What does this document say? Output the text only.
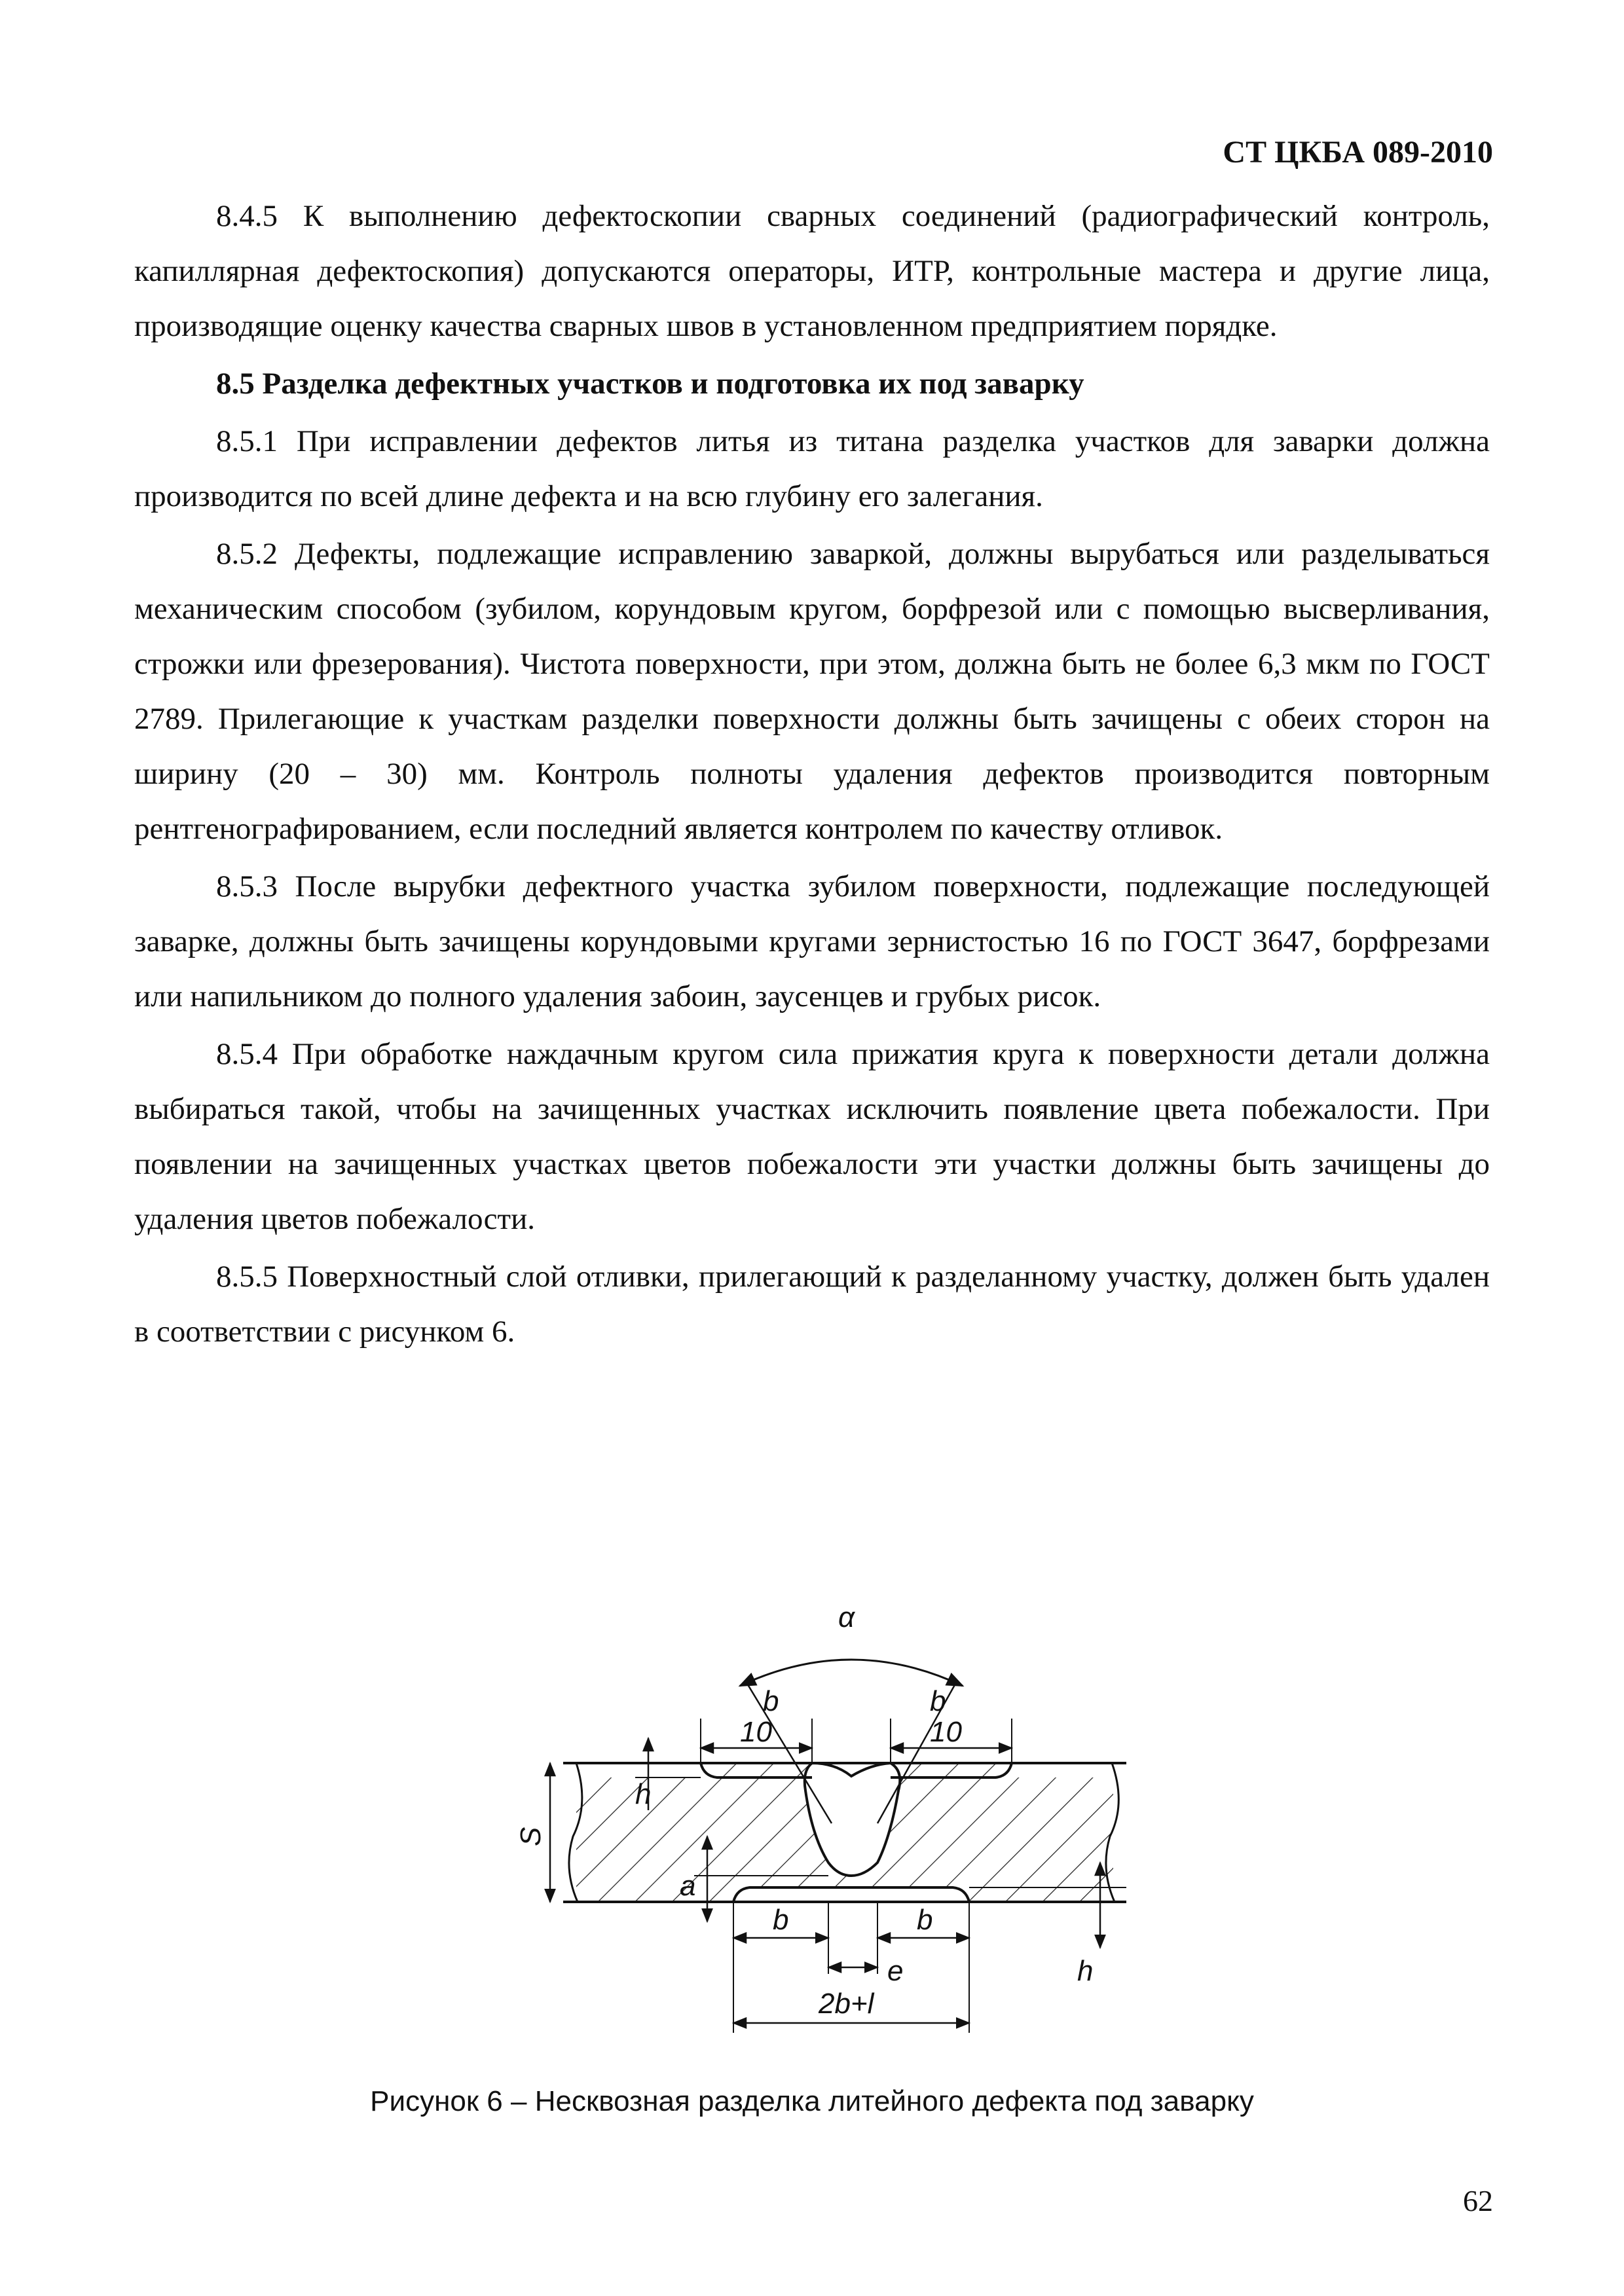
СТ ЦКБА 089-2010

8.4.5 К выполнению дефектоскопии сварных соединений (радиографический контроль, капиллярная дефектоскопия) допускаются операторы, ИТР, контрольные мастера и другие лица, производящие оценку качества сварных швов в установленном предприятием порядке.

8.5 Разделка дефектных участков и подготовка их под заварку

8.5.1 При исправлении дефектов литья из титана разделка участков для заварки должна производится по всей длине дефекта и на всю глубину его залегания.

8.5.2 Дефекты, подлежащие исправлению заваркой, должны вырубаться или разделываться механическим способом (зубилом, корундовым кругом, борфрезой или с помощью высверливания, строжки или фрезерования). Чистота поверхности, при этом, должна быть не более 6,3 мкм по ГОСТ 2789. Прилегающие к участкам разделки поверхности должны быть зачищены с обеих сторон на ширину (20 – 30) мм. Контроль полноты удаления дефектов производится повторным рентгенографированием, если последний является контролем по качеству отливок.

8.5.3 После вырубки дефектного участка зубилом поверхности, подлежащие последующей заварке, должны быть зачищены корундовыми кругами зернистостью 16 по ГОСТ 3647, борфрезами или напильником до полного удаления забоин, заусенцев и грубых рисок.

8.5.4 При обработке наждачным кругом сила прижатия круга к поверхности детали должна выбираться такой, чтобы на зачищенных участках исключить появление цвета побежалости. При появлении на зачищенных участках цветов побежалости эти участки должны быть зачищены до удаления цветов побежалости.

8.5.5 Поверхностный слой отливки, прилегающий к разделанному участку, должен быть удален в соответствии с рисунком 6.

α
b	b
10	10
S
h
a
b	b
e	h
2b+l
Рисунок 6 – Несквозная разделка литейного дефекта под заварку
62
